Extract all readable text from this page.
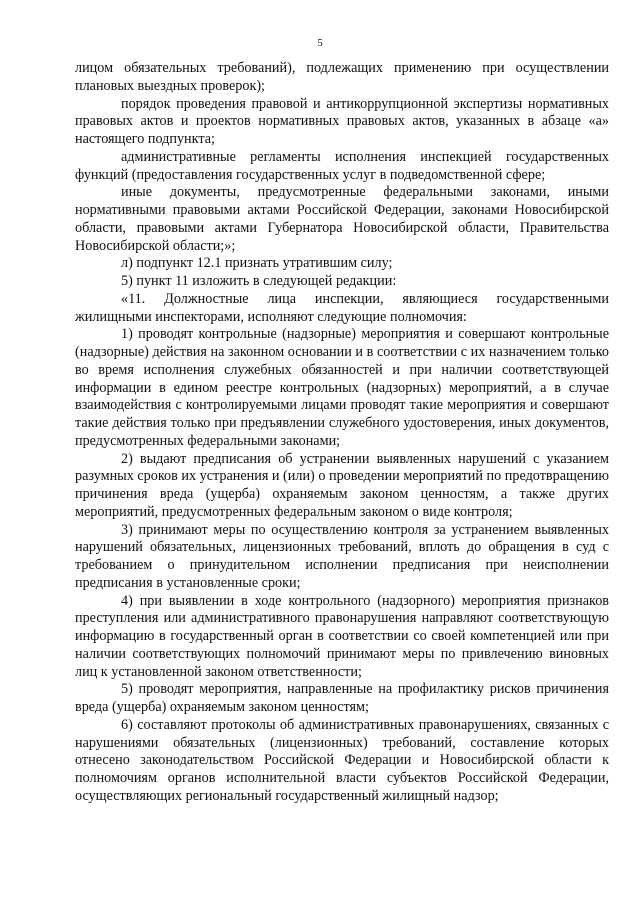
5

лицом обязательных требований), подлежащих применению при осуществлении плановых выездных проверок);

порядок проведения правовой и антикоррупционной экспертизы нормативных правовых актов и проектов нормативных правовых актов, указанных в абзаце «а» настоящего подпункта;

административные регламенты исполнения инспекцией государственных функций (предоставления государственных услуг в подведомственной сфере;

иные документы, предусмотренные федеральными законами, иными нормативными правовыми актами Российской Федерации, законами Новосибирской области, правовыми актами Губернатора Новосибирской области, Правительства Новосибирской области;»;

л) подпункт 12.1 признать утратившим силу;

5) пункт 11 изложить в следующей редакции:

«11. Должностные лица инспекции, являющиеся государственными жилищными инспекторами, исполняют следующие полномочия:

1) проводят контрольные (надзорные) мероприятия и совершают контрольные (надзорные) действия на законном основании и в соответствии с их назначением только во время исполнения служебных обязанностей и при наличии соответствующей информации в едином реестре контрольных (надзорных) мероприятий, а в случае взаимодействия с контролируемыми лицами проводят такие мероприятия и совершают такие действия только при предъявлении служебного удостоверения, иных документов, предусмотренных федеральными законами;

2) выдают предписания об устранении выявленных нарушений с указанием разумных сроков их устранения и (или) о проведении мероприятий по предотвращению причинения вреда (ущерба) охраняемым законом ценностям, а также других мероприятий, предусмотренных федеральным законом о виде контроля;

3) принимают меры по осуществлению контроля за устранением выявленных нарушений обязательных, лицензионных требований, вплоть до обращения в суд с требованием о принудительном исполнении предписания при неисполнении предписания в установленные сроки;

4) при выявлении в ходе контрольного (надзорного) мероприятия признаков преступления или административного правонарушения направляют соответствующую информацию в государственный орган в соответствии со своей компетенцией или при наличии соответствующих полномочий принимают меры по привлечению виновных лиц к установленной законом ответственности;

5) проводят мероприятия, направленные на профилактику рисков причинения вреда (ущерба) охраняемым законом ценностям;

6) составляют протоколы об административных правонарушениях, связанных с нарушениями обязательных (лицензионных) требований, составление которых отнесено законодательством Российской Федерации и Новосибирской области к полномочиям органов исполнительной власти субъектов Российской Федерации, осуществляющих региональный государственный жилищный надзор;
